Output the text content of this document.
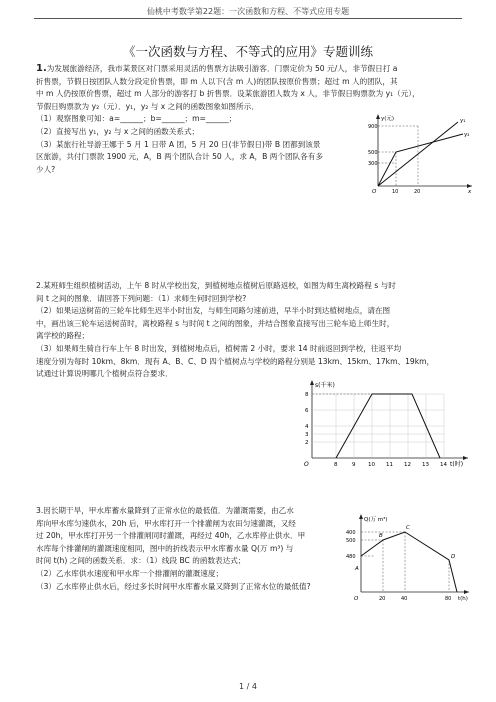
仙桃中考数学第22题：一次函数和方程、不等式应用专题
《一次函数与方程、不等式的应用》专题训练
1.为发展旅游经济，我市某景区对门票采用灵活的售票方法吸引游客．门票定价为 50 元/人，非节假日打 a
折售票，节假日按团队人数分段定价售票，即 m 人以下(含 m 人)的团队按原价售票；超过 m 人的团队，其
中 m 人仍按原价售票，超过 m 人部分的游客打 b 折售票．设某旅游团人数为 x 人，非节假日购票款为 y₁（元），
节假日购票款为 y₂（元）．y₁，y₂ 与 x 之间的函数图象如图所示．
（1）观察图象可知：a=______；b=______；m=______；
（2）直接写出 y₁，y₂ 与 x 之间的函数关系式；
（3）某旅行社导游王娜于 5 月 1 日带 A 团，5 月 20 日(非节假日)带 B 团都到该景
区旅游，共付门票款 1900 元，A，B 两个团队合计 50 人，求 A，B 两个团队各有多
少人?
y(元)
900
500
300
O	10	20	x
y₁
y₂
2.某班师生组织植树活动，上午 8 时从学校出发，到植树地点植树后原路返校，如图为师生离校路程 s 与时
间 t 之间的图象．请回答下列问题：（1）求师生何时回到学校?
（2）如果运送树苗的三轮车比师生迟半小时出发，与师生同路匀速前进，早半小时到达植树地点，请在图
中，画出该三轮车运送树苗时，离校路程 s 与时间 t 之间的图象，并结合图象直接写出三轮车追上师生时，
离学校的路程；
（3）如果师生骑自行车上午 8 时出发，到植树地点后，植树需 2 小时，要求 14 时前返回到学校，往返平均
速度分别为每时 10km、8km．现有 A、B、C、D 四个植树点与学校的路程分别是 13km、15km、17km、19km，
试通过计算说明哪几个植树点符合要求．
s(千米)
8
6
4
3
2
O	8	9 10 11 12 13 14 t(时)
3.因长期干旱，甲水库蓄水量降到了正常水位的最低值．为灌溉需要，由乙水
库向甲水库匀速供水，20h 后，甲水库打开一个排灌闸为农田匀速灌溉，又经
过 20h，甲水库打开另一个排灌闸同时灌溉，再经过 40h，乙水库停止供水．甲
水库每个排灌闸的灌溉速度相同，图中的折线表示甲水库蓄水量 Q(万 m³) 与
时间 t(h) 之间的函数关系．求：（1）线段 BC 的函数表达式；
（2）乙水库供水速度和甲水库一个排灌闸的灌溉速度；
（3）乙水库停止供水后，经过多长时间甲水库蓄水量又降到了正常水位的最低值?
Q(万 m³)
400
500
480
A
B
C
D
O	20	40	80 t(h)
1 / 4
